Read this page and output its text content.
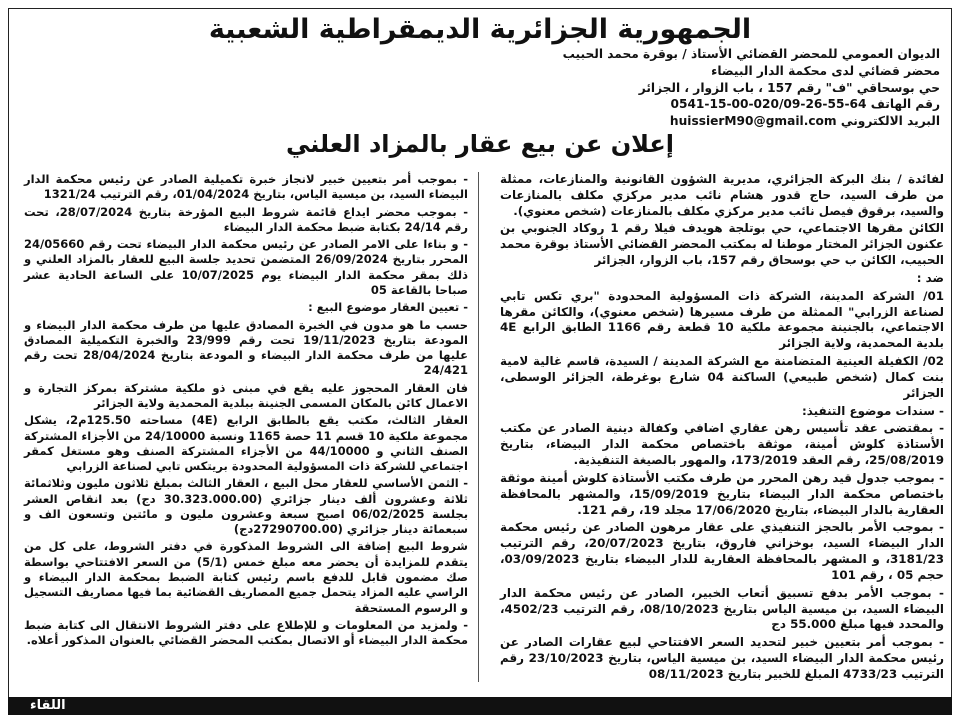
الجمهورية الجزائرية الديمقراطية الشعبية
الديوان العمومي للمحضر القضائي الأستاذ / بوقرة محمد الحبيب
محضر قضائي لدى محكمة الدار البيضاء
حي بوسحاقي "ف" رقم 157 ، باب الزوار ، الجزائر
رقم الهاتف 64-55-26-020/09-00-15-0541
البريد الالكتروني huissierM90@gmail.com
إعلان عن بيع عقار بالمزاد العلني

لفائدة / بنك البركة الجزائري، مديرية الشؤون القانونية والمنازعات، ممثلة من طرف السيد، حاج قدور هشام نائب مدير مركزي مكلف بالمنازعات والسيد، برقوق فيصل نائب مدير مركزي مكلف بالمنازعات (شخص معنوي).

الكائن مقرها الاجتماعي، حي بوتلجة هويدف فيلا رقم 1 روكاد الجنوبي بن عكنون الجزائر المختار موطنا له بمكتب المحضر القضائي الأستاذ بوقرة محمد الحبيب، الكائن ب حي بوسحاق رقم 157، باب الزوار، الجزائر

ضد :

01/ الشركة المدينة، الشركة ذات المسؤولية المحدودة "بري تكس تابي لصناعة الزرابي" الممثلة من طرف مسيرها (شخص معنوي)، والكائن مقرها الاجتماعي، بالجنينة مجموعة ملكية 10 قطعة رقم 1166 الطابق الرابع 4E بلدية المحمدية، ولاية الجزائر

02/ الكفيلة العينية المتضامنة مع الشركة المدينة / السيدة، قاسم غالية لامية بنت كمال (شخص طبيعي) الساكنة 04 شارع بوغرطة، الجزائر الوسطى، الجزائر

- سندات موضوع التنفيذ:

- بمقتضى عقد تأسيس رهن عقاري اضافي وكفالة دينية الصادر عن مكتب الأستاذة كلوش أمينة، موثقة باختصاص محكمة الدار البيضاء، بتاريخ 25/08/2019، رقم العقد 173/2019، والمهور بالصيغة التنفيذية.

- بموجب جدول قيد رهن المحرر من طرف مكتب الأستاذة كلوش أمينة موثقة باختصاص محكمة الدار البيضاء بتاريخ 15/09/2019، والمشهر بالمحافظة العقارية بالدار البيضاء، بتاريخ 17/06/2020 مجلد 19، رقم 121.

- بموجب الأمر بالحجز التنفيذي على عقار مرهون الصادر عن رئيس محكمة الدار البيضاء السيد، بوخزاني فاروق، بتاريخ 20/07/2023، رقم الترتيب 3181/23، و المشهر بالمحافظة العقارية للدار البيضاء بتاريخ 03/09/2023، حجم 05 ، رقم 101

- بموجب الأمر بدفع تسبيق أتعاب الخبير، الصادر عن رئيس محكمة الدار البيضاء السيد، بن ميسية الياس بتاريخ 08/10/2023، رقم الترتيب 4502/23، والمحدد فيها مبلغ 55.000 دج

- بموجب أمر بتعيين خبير لتحديد السعر الافتتاحي لبيع عقارات الصادر عن رئيس محكمة الدار البيضاء السيد، بن ميسية الياس، بتاريخ 23/10/2023 رقم الترتيب 4733/23 المبلغ للخبير بتاريخ 08/11/2023

- بموجب أمر بتعيين خبير لانجاز خبرة تكميلية الصادر عن رئيس محكمة الدار البيضاء السيد، بن ميسية الياس، بتاريخ 01/04/2024، رقم الترتيب 1321/24

- بموجب محضر ايداع قائمة شروط البيع المؤرخة بتاريخ 28/07/2024، تحت رقم 24/14 بكتابة ضبط محكمة الدار البيضاء

- و بناءا على الامر الصادر عن رئيس محكمة الدار البيضاء تحت رقم 24/05660 المحرر بتاريخ 26/09/2024 المتضمن تحديد جلسة البيع للعقار بالمزاد العلني و ذلك بمقر محكمة الدار البيضاء يوم 10/07/2025 على الساعة الحادية عشر صباحا بالقاعة 05

- تعيين العقار موضوع البيع :

حسب ما هو مدون في الخبرة المصادق عليها من طرف محكمة الدار البيضاء و المودعة بتاريخ 19/11/2023 تحت رقم 23/999 والخبرة التكميلية المصادق عليها من طرف محكمة الدار البيضاء و المودعة بتاريخ 28/04/2024 تحت رقم 24/421

فان العقار المحجوز عليه يقع في مبنى ذو ملكية مشتركة بمركز التجارة و الاعمال كائن بالمكان المسمى الجنينة ببلدية المحمدية ولاية الجزائر

العقار الثالث، مكتب يقع بالطابق الرابع (4E) مساحته 125.50م2، يشكل مجموعة ملكية 10 قسم 11 حصة 1165 ونسبة 24/10000 من الأجزاء المشتركة الصنف الثاني و 44/10000 من الأجزاء المشتركة الصنف وهو مستغل كمقر اجتماعي للشركة ذات المسؤولية المحدودة بريتكس تابي لصناعة الزرابي

- الثمن الأساسي للعقار محل البيع ، العقار الثالث بمبلغ ثلاثون مليون وثلاثمائة ثلاثة وعشرون ألف دينار جزائري (30.323.000.00 دج) بعد انقاص العشر بجلسة 06/02/2025 اصبح سبعة وعشرون مليون و مائتين وتسعون الف و سبعمائة دينار جزائري (27290700.00دج)

شروط البيع إضافة الى الشروط المذكورة في دفتر الشروط، على كل من يتقدم للمزايدة أن يحضر معه مبلغ خمس (5/1) من السعر الافتتاحي بواسطة صك مضمون قابل للدفع باسم رئيس كتابة الضبط بمحكمة الدار البيضاء و الراسي عليه المزاد يتحمل جميع المصاريف القضائية بما فيها مصاريف التسجيل و الرسوم المستحقة

- ولمزيد من المعلومات و للإطلاع على دفتر الشروط الانتقال الى كتابة ضبط محكمة الدار البيضاء أو الاتصال بمكتب المحضر القضائي بالعنوان المذكور أعلاه.

اللقاء
